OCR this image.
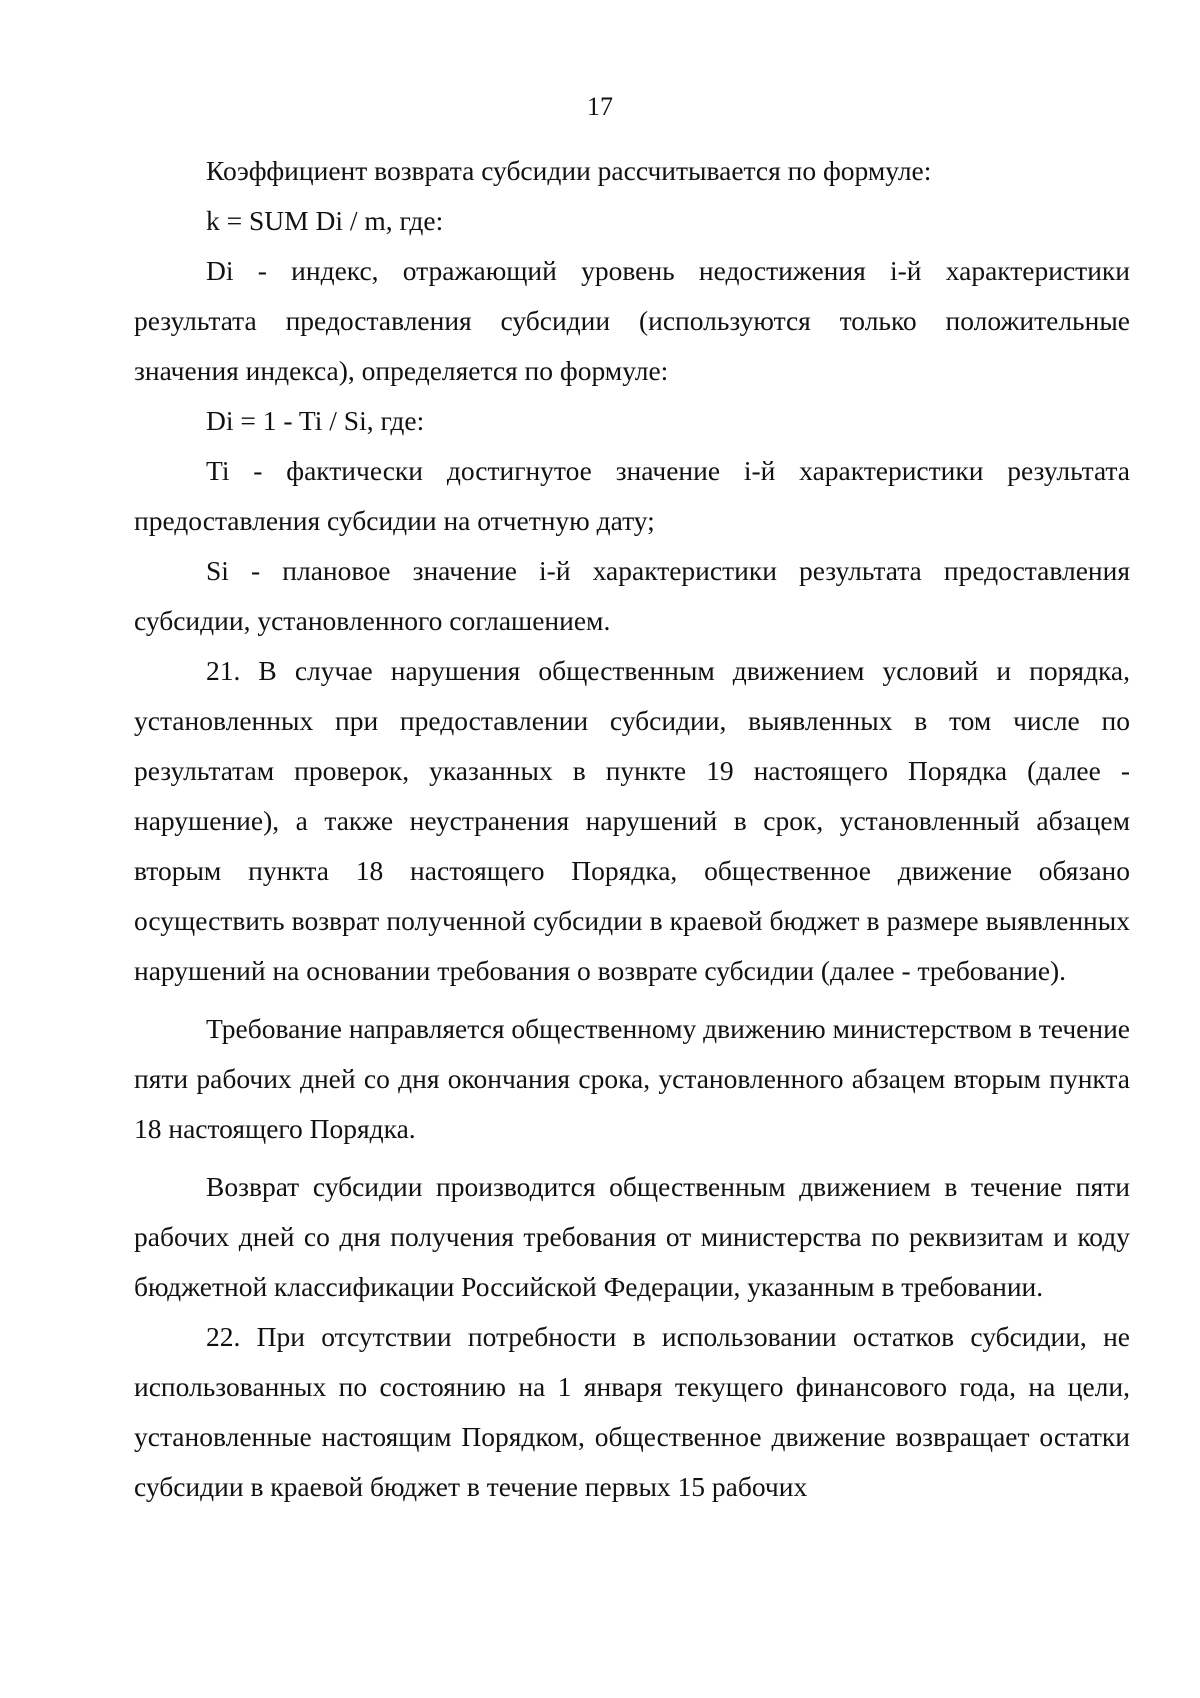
17

Коэффициент возврата субсидии рассчитывается по формуле:

k = SUM Di / m, где:

Di - индекс, отражающий уровень недостижения i-й характеристики результата предоставления субсидии (используются только положительные значения индекса), определяется по формуле:

Di = 1 - Ti / Si, где:

Ti - фактически достигнутое значение i-й характеристики результата предоставления субсидии на отчетную дату;

Si - плановое значение i-й характеристики результата предоставления субсидии, установленного соглашением.

21. В случае нарушения общественным движением условий и порядка, установленных при предоставлении субсидии, выявленных в том числе по результатам проверок, указанных в пункте 19 настоящего Порядка (далее - нарушение), а также неустранения нарушений в срок, установленный абзацем вторым пункта 18 настоящего Порядка, общественное движение обязано осуществить возврат полученной субсидии в краевой бюджет в размере выявленных нарушений на основании требования о возврате субсидии (далее - требование).

Требование направляется общественному движению министерством в течение пяти рабочих дней со дня окончания срока, установленного абзацем вторым пункта 18 настоящего Порядка.

Возврат субсидии производится общественным движением в течение пяти рабочих дней со дня получения требования от министерства по реквизитам и коду бюджетной классификации Российской Федерации, указанным в требовании.

22. При отсутствии потребности в использовании остатков субсидии, не использованных по состоянию на 1 января текущего финансового года, на цели, установленные настоящим Порядком, общественное движение возвращает остатки субсидии в краевой бюджет в течение первых 15 рабочих
